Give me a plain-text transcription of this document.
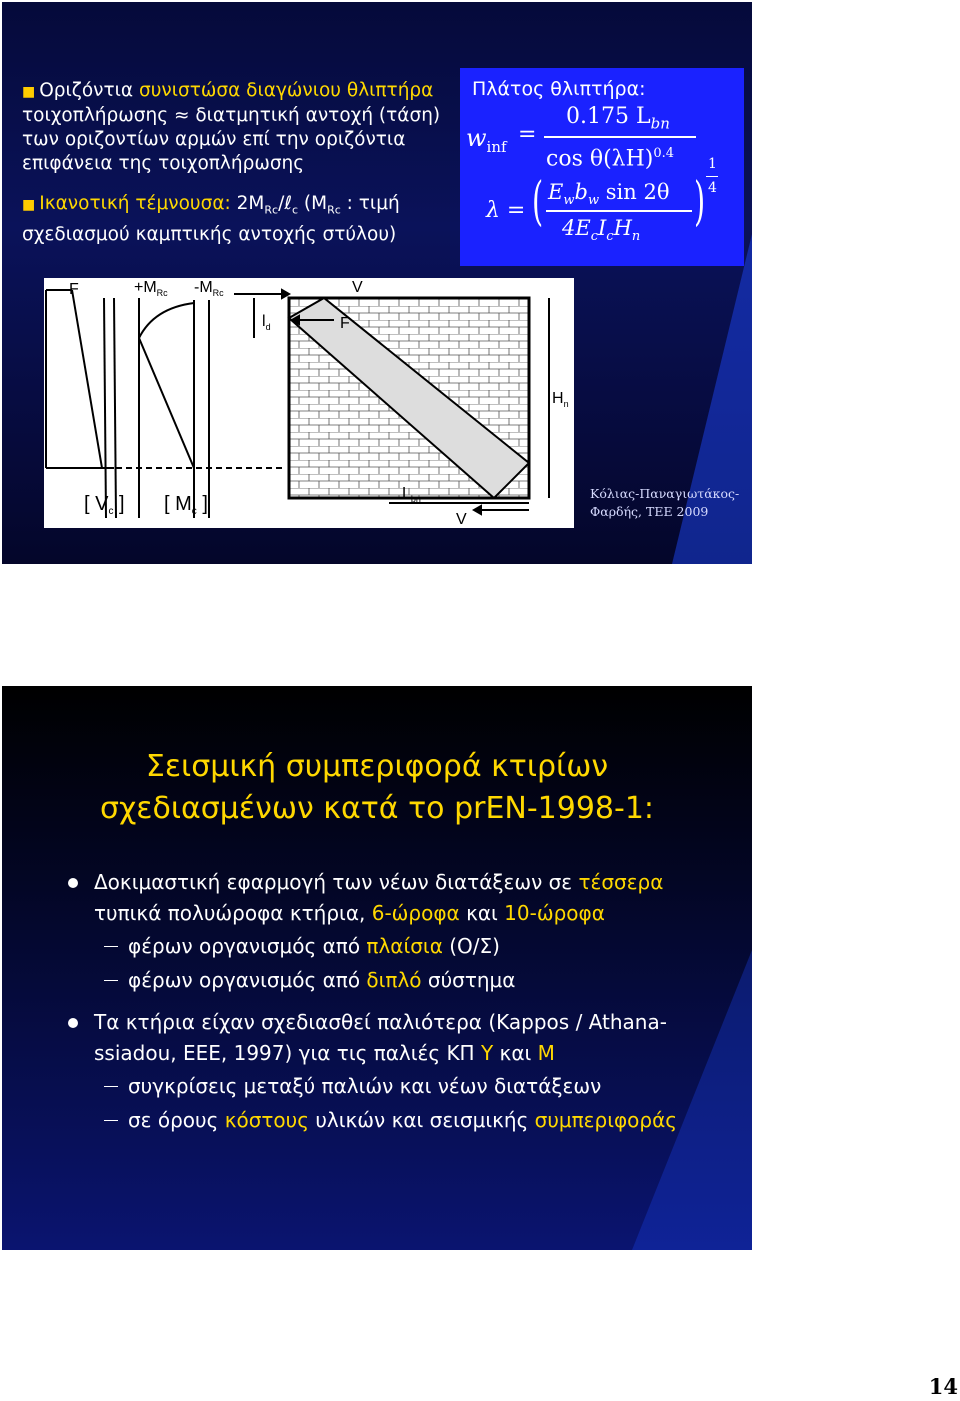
■ Οριζόντια συνιστώσα διαγώνιου θλιπτήρα
τοιχοπλήρωσης ≈ διατμητική αντοχή (τάση)
των οριζοντίων αρμών επί την οριζόντια
επιφάνεια της τοιχοπλήρωσης
■ Ικανοτική τέμνουσα: $2M_{Rc}/\ell_c$ ($M_{Rc}$ : τιμή
σχεδιασμού καμπτικής αντοχής στύλου)
Πλάτος θλιπτήρα:
$w_{inf}$ =
0.175 $L_{bn}$
$\cos \theta(\lambda H)^{0.4}$
λ = ( $E_wb_w$ sin 2θ
$4E_cI_cH_n$
)
1
4
F	$+M_{Rc}$ $-M_{Rc}$	V
F
$l_d$
$H_n$
[ $V_c$ ] [ $M_c$ ]	$L_{bn}$
V
Κόλιας-Παναγιωτάκος-
Φαρδής, ΤΕΕ 2009
Σεισμική συμπεριφορά κτιρίων
σχεδιασμένων κατά το prEN-1998-1:
Δοκιμαστική εφαρμογή των νέων διατάξεων σε τέσσερα
τυπικά πολυώροφα κτήρια, 6-ώροφα και 10-ώροφα
φέρων οργανισμός από πλαίσια (Ο/Σ)
φέρων οργανισμός από διπλό σύστημα
Τα κτήρια είχαν σχεδιασθεί παλιότερα (Kappos / Athana-
ssiadou, ΕΕΕ, 1997) για τις παλιές ΚΠ Υ και Μ
συγκρίσεις μεταξύ παλιών και νέων διατάξεων
σε όρους κόστους υλικών και σεισμικής συμπεριφοράς
14
